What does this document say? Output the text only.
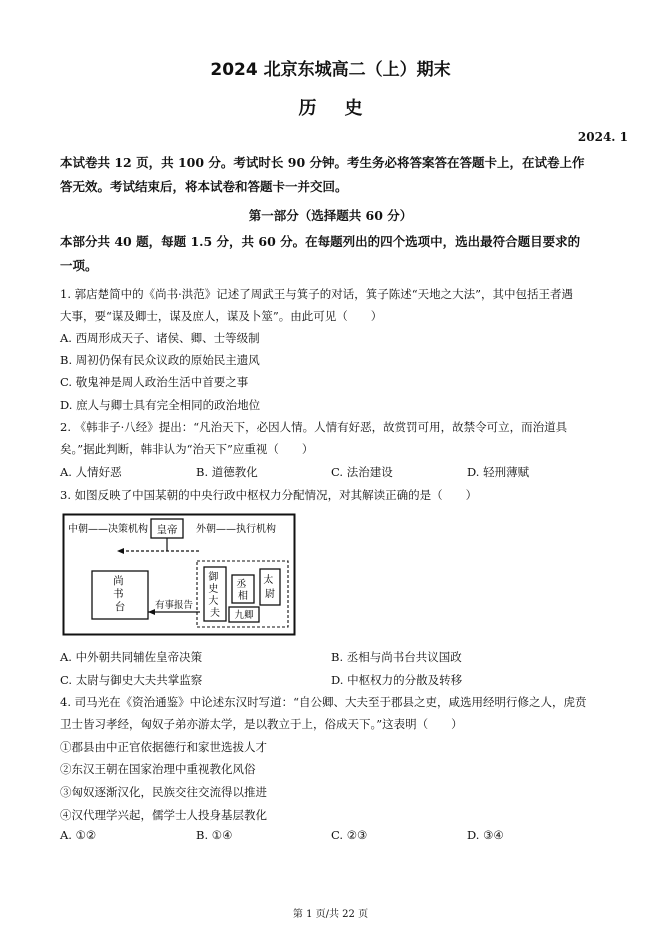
2024 北京东城高二（上）期末
历史
2024. 1
本试卷共 12 页，共 100 分。考试时长 90 分钟。考生务必将答案答在答题卡上，在试卷上作
答无效。考试结束后，将本试卷和答题卡一并交回。
第一部分（选择题共 60 分）
本部分共 40 题，每题 1.5 分，共 60 分。在每题列出的四个选项中，选出最符合题目要求的
一项。
1. 郭店楚简中的《尚书·洪范》记述了周武王与箕子的对话，箕子陈述“天地之大法”，其中包括王者遇
大事，要“谋及卿士，谋及庶人，谋及卜筮”。由此可见（　　）
A. 西周形成天子、诸侯、卿、士等级制
B. 周初仍保有民众议政的原始民主遗风
C. 敬鬼神是周人政治生活中首要之事
D. 庶人与卿士具有完全相同的政治地位
2. 《韩非子·八经》提出：“凡治天下，必因人情。人情有好恶，故赏罚可用，故禁令可立，而治道具
矣。”据此判断，韩非认为“治天下”应重视（　　）
A. 人情好恶	B. 道德教化	C. 法治建设	D. 轻刑薄赋
3. 如图反映了中国某朝的中央行政中枢权力分配情况，对其解读正确的是（　　）
中朝——决策机构 皇帝 外朝——执行机构
尚 书 台
御 史 大 夫
丞 相
太 尉
九卿
有事报告
A. 中外朝共同辅佐皇帝决策	B. 丞相与尚书台共议国政
C. 太尉与御史大夫共掌监察	D. 中枢权力的分散及转移
4. 司马光在《资治通鉴》中论述东汉时写道：“自公卿、大夫至于郡县之吏，咸选用经明行修之人，虎贲
卫士皆习孝经，匈奴子弟亦游太学，是以教立于上，俗成天下。”这表明（　　）
①郡县由中正官依据德行和家世选拔人才
②东汉王朝在国家治理中重视教化风俗
③匈奴逐渐汉化，民族交往交流得以推进
④汉代理学兴起，儒学士人投身基层教化
A. ①②	B. ①④	C. ②③	D. ③④
第 1 页/共 22 页
